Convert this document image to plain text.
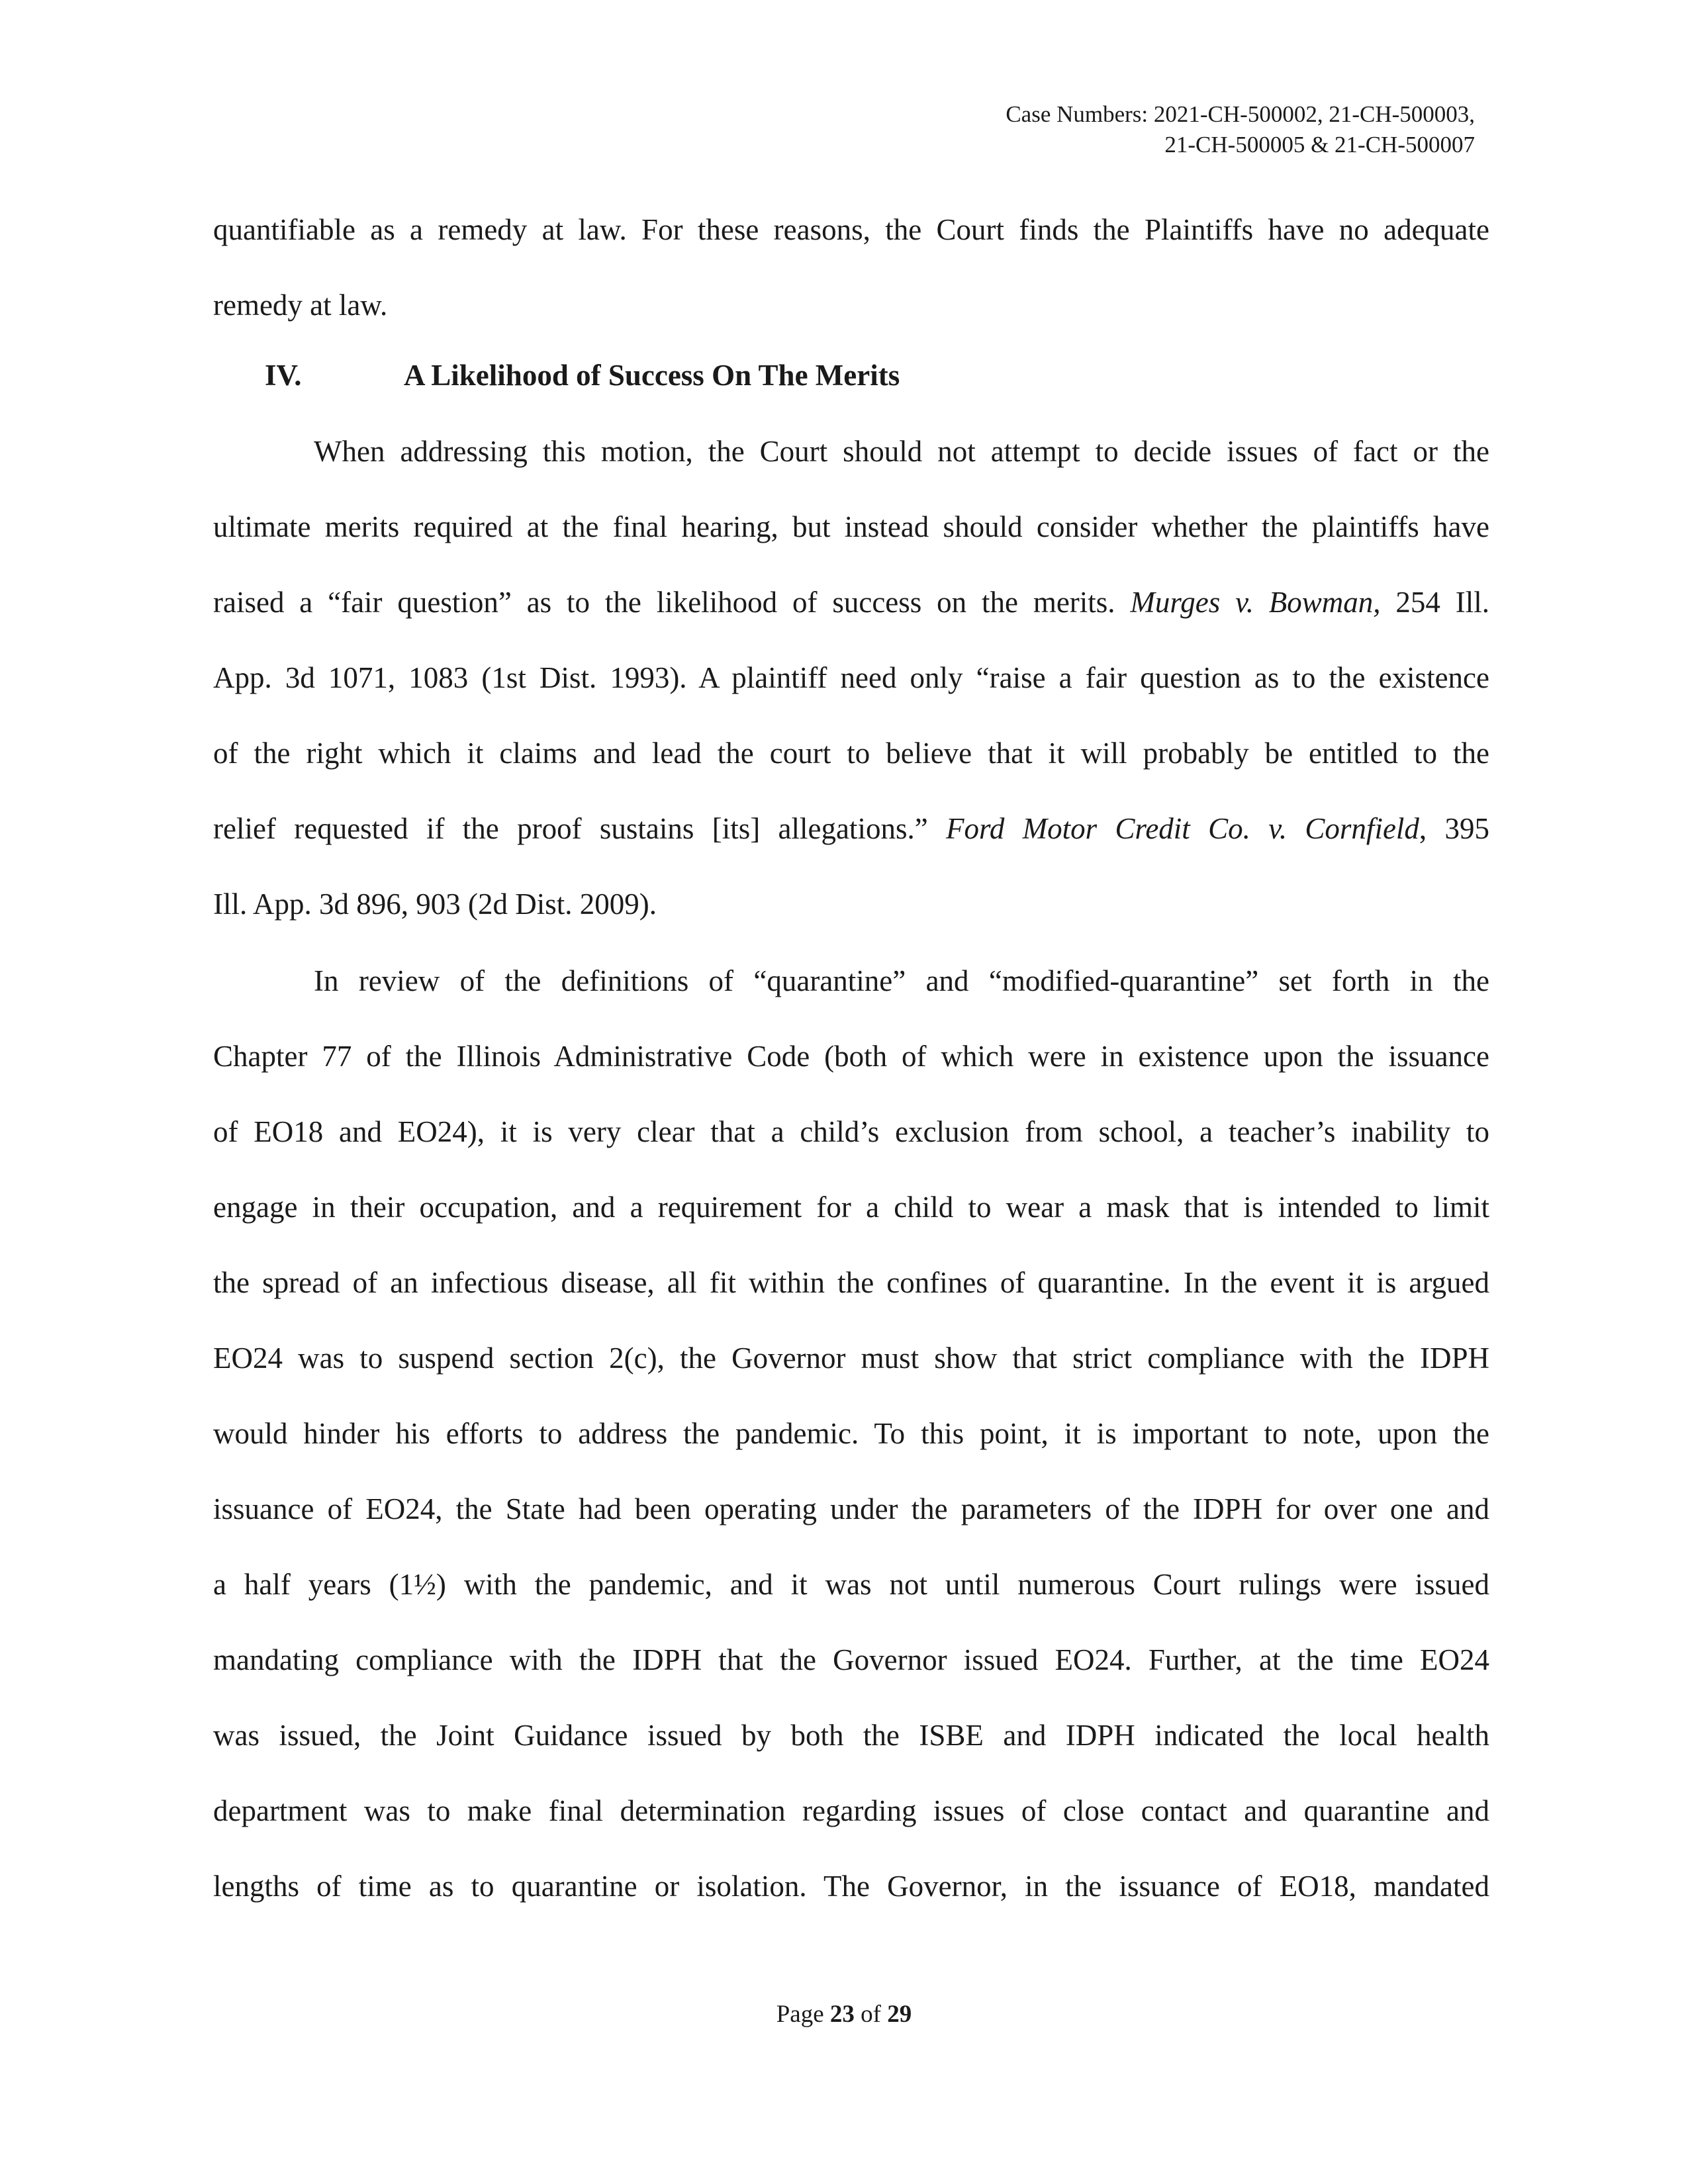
Case Numbers: 2021-CH-500002, 21-CH-500003,
21-CH-500005 & 21-CH-500007
quantifiable as a remedy at law. For these reasons, the Court finds the Plaintiffs have no adequate
remedy at law.
IV.	A Likelihood of Success On The Merits
When addressing this motion, the Court should not attempt to decide issues of fact or the
ultimate merits required at the final hearing, but instead should consider whether the plaintiffs have
raised a “fair question” as to the likelihood of success on the merits. Murges v. Bowman, 254 Ill.
App. 3d 1071, 1083 (1st Dist. 1993). A plaintiff need only “raise a fair question as to the existence
of the right which it claims and lead the court to believe that it will probably be entitled to the
relief requested if the proof sustains [its] allegations.” Ford Motor Credit Co. v. Cornfield, 395
Ill. App. 3d 896, 903 (2d Dist. 2009).
In review of the definitions of “quarantine” and “modified-quarantine” set forth in the
Chapter 77 of the Illinois Administrative Code (both of which were in existence upon the issuance
of EO18 and EO24), it is very clear that a child’s exclusion from school, a teacher’s inability to
engage in their occupation, and a requirement for a child to wear a mask that is intended to limit
the spread of an infectious disease, all fit within the confines of quarantine. In the event it is argued
EO24 was to suspend section 2(c), the Governor must show that strict compliance with the IDPH
would hinder his efforts to address the pandemic. To this point, it is important to note, upon the
issuance of EO24, the State had been operating under the parameters of the IDPH for over one and
a half years (1½) with the pandemic, and it was not until numerous Court rulings were issued
mandating compliance with the IDPH that the Governor issued EO24. Further, at the time EO24
was issued, the Joint Guidance issued by both the ISBE and IDPH indicated the local health
department was to make final determination regarding issues of close contact and quarantine and
lengths of time as to quarantine or isolation. The Governor, in the issuance of EO18, mandated
Page 23 of 29
